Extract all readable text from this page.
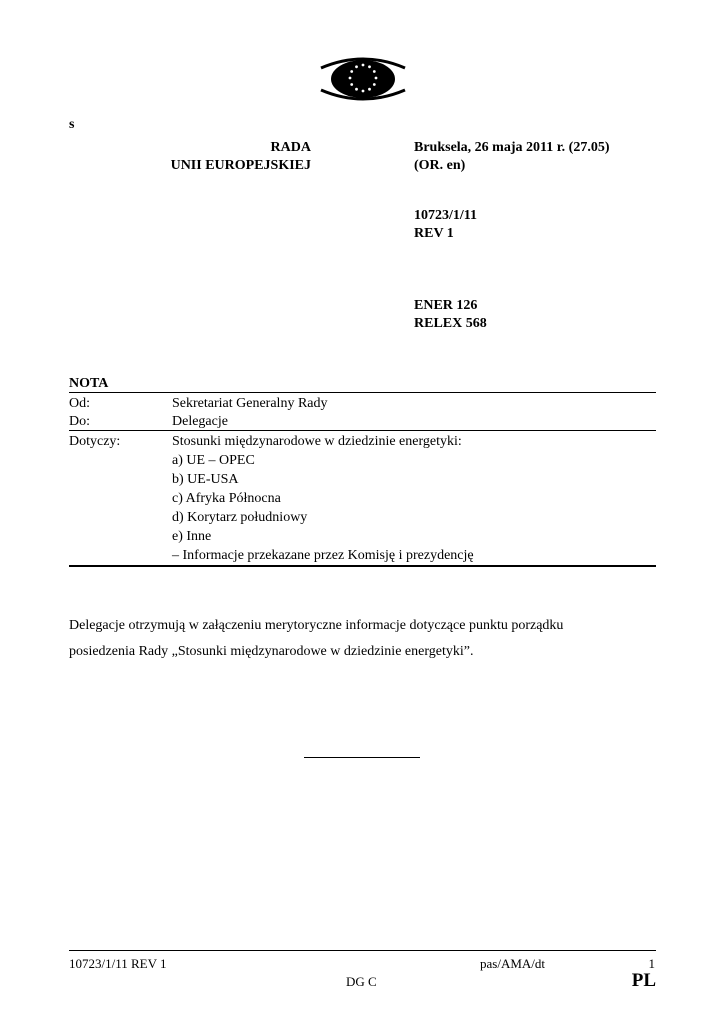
s
RADA
UNII EUROPEJSKIEJ
Bruksela, 26 maja 2011 r. (27.05)
(OR. en)
10723/1/11
REV 1
ENER 126
RELEX 568
NOTA
Od:	Sekretariat Generalny Rady
Do:	Delegacje
Dotyczy:	Stosunki międzynarodowe w dziedzinie energetyki:
a) UE – OPEC
b) UE-USA
c) Afryka Północna
d) Korytarz południowy
e) Inne
– Informacje przekazane przez Komisję i prezydencję
Delegacje otrzymują w załączeniu merytoryczne informacje dotyczące punktu porządku
posiedzenia Rady „Stosunki międzynarodowe w dziedzinie energetyki”.
10723/1/11 REV 1	pas/AMA/dt	1
DG C	PL
